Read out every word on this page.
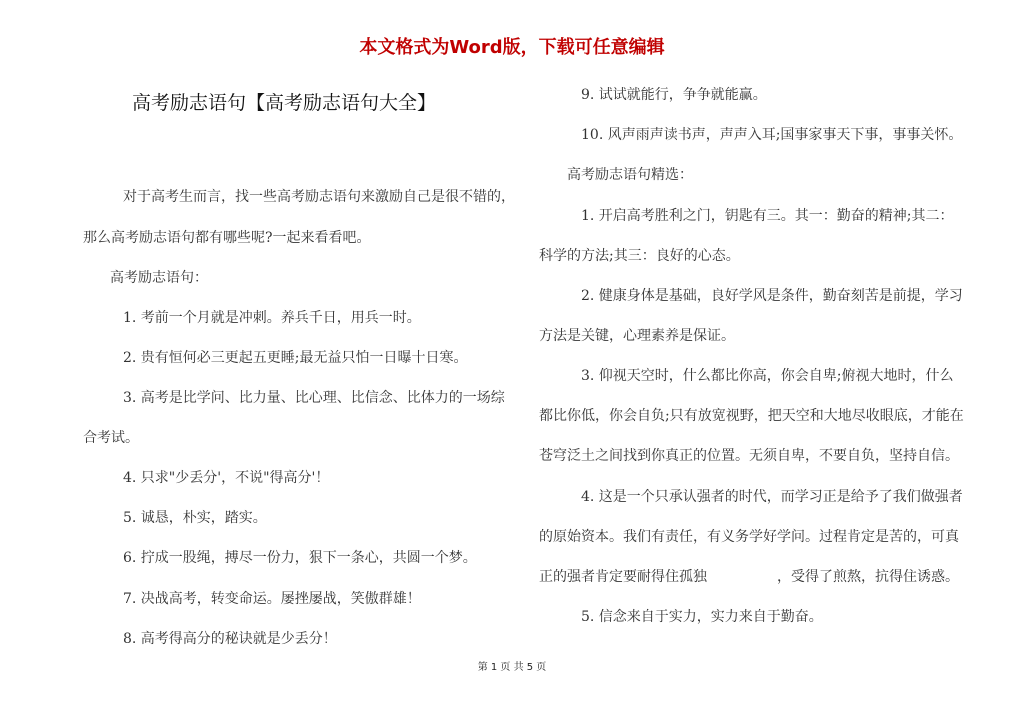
本文格式为Word版，下载可任意编辑
高考励志语句【高考励志语句大全】
对于高考生而言，找一些高考励志语句来激励自己是很不错的，
那么高考励志语句都有哪些呢?一起来看看吧。
高考励志语句：
1. 考前一个月就是冲刺。养兵千日，用兵一时。
2. 贵有恒何必三更起五更睡;最无益只怕一日曝十日寒。
3. 高考是比学问、比力量、比心理、比信念、比体力的一场综
合考试。
4. 只求"少丢分'，不说"得高分'！
5. 诚恳，朴实，踏实。
6. 拧成一股绳，搏尽一份力，狠下一条心，共圆一个梦。
7. 决战高考，转变命运。屡挫屡战，笑傲群雄！
8. 高考得高分的秘诀就是少丢分！
9. 试试就能行，争争就能赢。
10. 风声雨声读书声，声声入耳;国事家事天下事，事事关怀。
高考励志语句精选：
1. 开启高考胜利之门，钥匙有三。其一：勤奋的精神;其二：
科学的方法;其三：良好的心态。
2. 健康身体是基础，良好学风是条件，勤奋刻苦是前提，学习
方法是关键，心理素养是保证。
3. 仰视天空时，什么都比你高，你会自卑;俯视大地时，什么
都比你低，你会自负;只有放宽视野，把天空和大地尽收眼底，才能在
苍穹泛土之间找到你真正的位置。无须自卑，不要自负，坚持自信。
4. 这是一个只承认强者的时代，而学习正是给予了我们做强者
的原始资本。我们有责任，有义务学好学问。过程肯定是苦的，可真
正的强者肯定要耐得住孤独　　　　　，受得了煎熬，抗得住诱惑。
5. 信念来自于实力，实力来自于勤奋。
第 1 页 共 5 页
